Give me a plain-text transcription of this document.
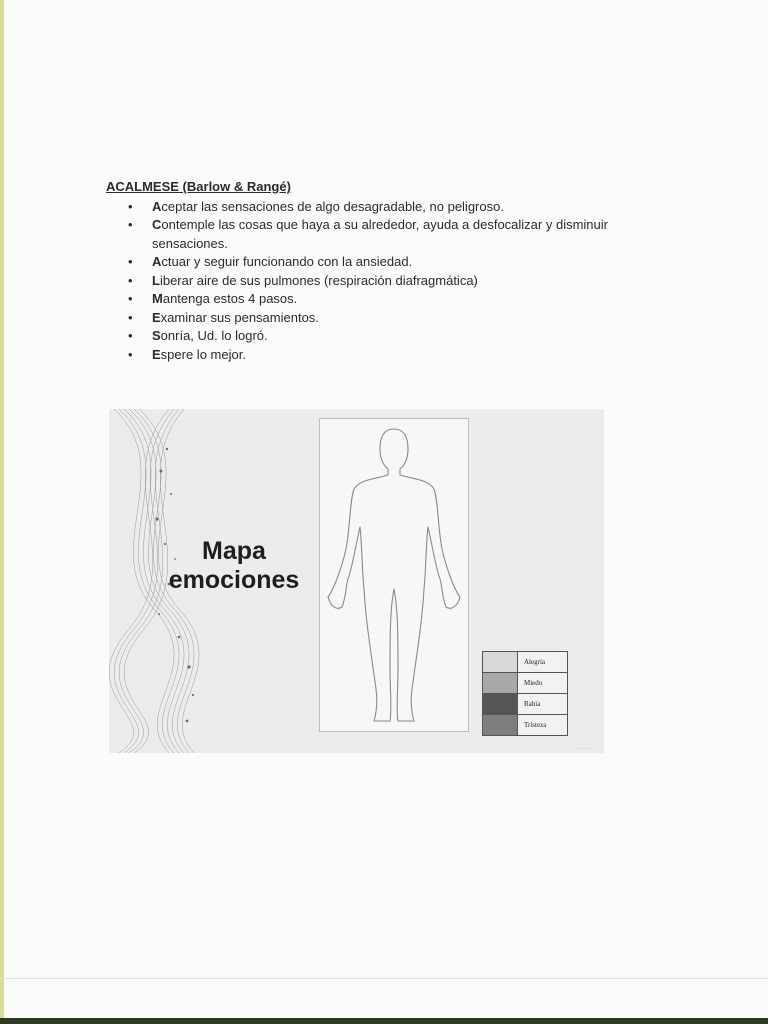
ACALMESE (Barlow & Rangé)
• Aceptar las sensaciones de algo desagradable, no peligroso.
• Contemple las cosas que haya a su alrededor, ayuda a desfocalizar y disminuir sensaciones.
• Actuar y seguir funcionando con la ansiedad.
• Liberar aire de sus pulmones (respiración diafragmática)
• Mantenga estos 4 pasos.
• Examinar sus pensamientos.
• Sonría, Ud. lo logró.
• Espere lo mejor.
Mapa
emociones
Alegría
Miedo
Rabia
Tristeza
········ ······ ·····
